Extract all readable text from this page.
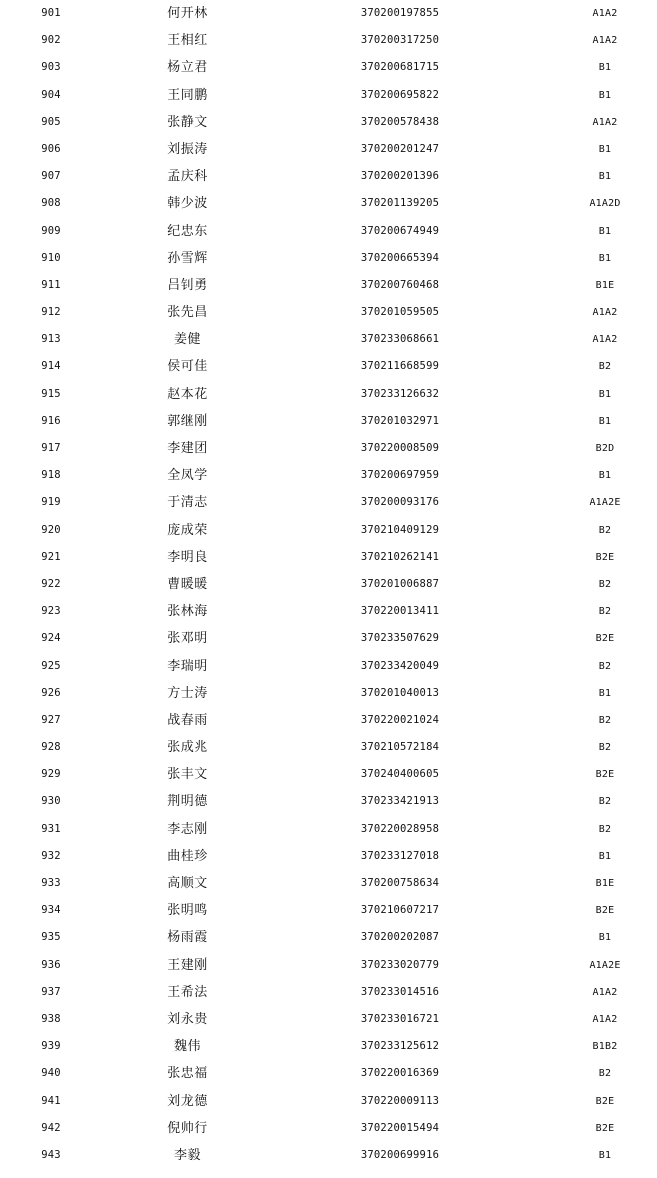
901	何开林	370200197855	A1A2
902	王相红	370200317250	A1A2
903	杨立君	370200681715	B1
904	王同鹏	370200695822	B1
905	张静文	370200578438	A1A2
906	刘振涛	370200201247	B1
907	孟庆科	370200201396	B1
908	韩少波	370201139205	A1A2D
909	纪忠东	370200674949	B1
910	孙雪辉	370200665394	B1
911	吕钊勇	370200760468	B1E
912	张先昌	370201059505	A1A2
913	姜健	370233068661	A1A2
914	侯可佳	370211668599	B2
915	赵本花	370233126632	B1
916	郭继刚	370201032971	B1
917	李建团	370220008509	B2D
918	全凤学	370200697959	B1
919	于清志	370200093176	A1A2E
920	庞成荣	370210409129	B2
921	李明良	370210262141	B2E
922	曹暖暖	370201006887	B2
923	张林海	370220013411	B2
924	张邓明	370233507629	B2E
925	李瑞明	370233420049	B2
926	方士涛	370201040013	B1
927	战春雨	370220021024	B2
928	张成兆	370210572184	B2
929	张丰文	370240400605	B2E
930	荆明德	370233421913	B2
931	李志刚	370220028958	B2
932	曲桂珍	370233127018	B1
933	高顺文	370200758634	B1E
934	张明鸣	370210607217	B2E
935	杨雨霞	370200202087	B1
936	王建刚	370233020779	A1A2E
937	王希法	370233014516	A1A2
938	刘永贵	370233016721	A1A2
939	魏伟	370233125612	B1B2
940	张忠福	370220016369	B2
941	刘龙德	370220009113	B2E
942	倪帅行	370220015494	B2E
943	李毅	370200699916	B1
